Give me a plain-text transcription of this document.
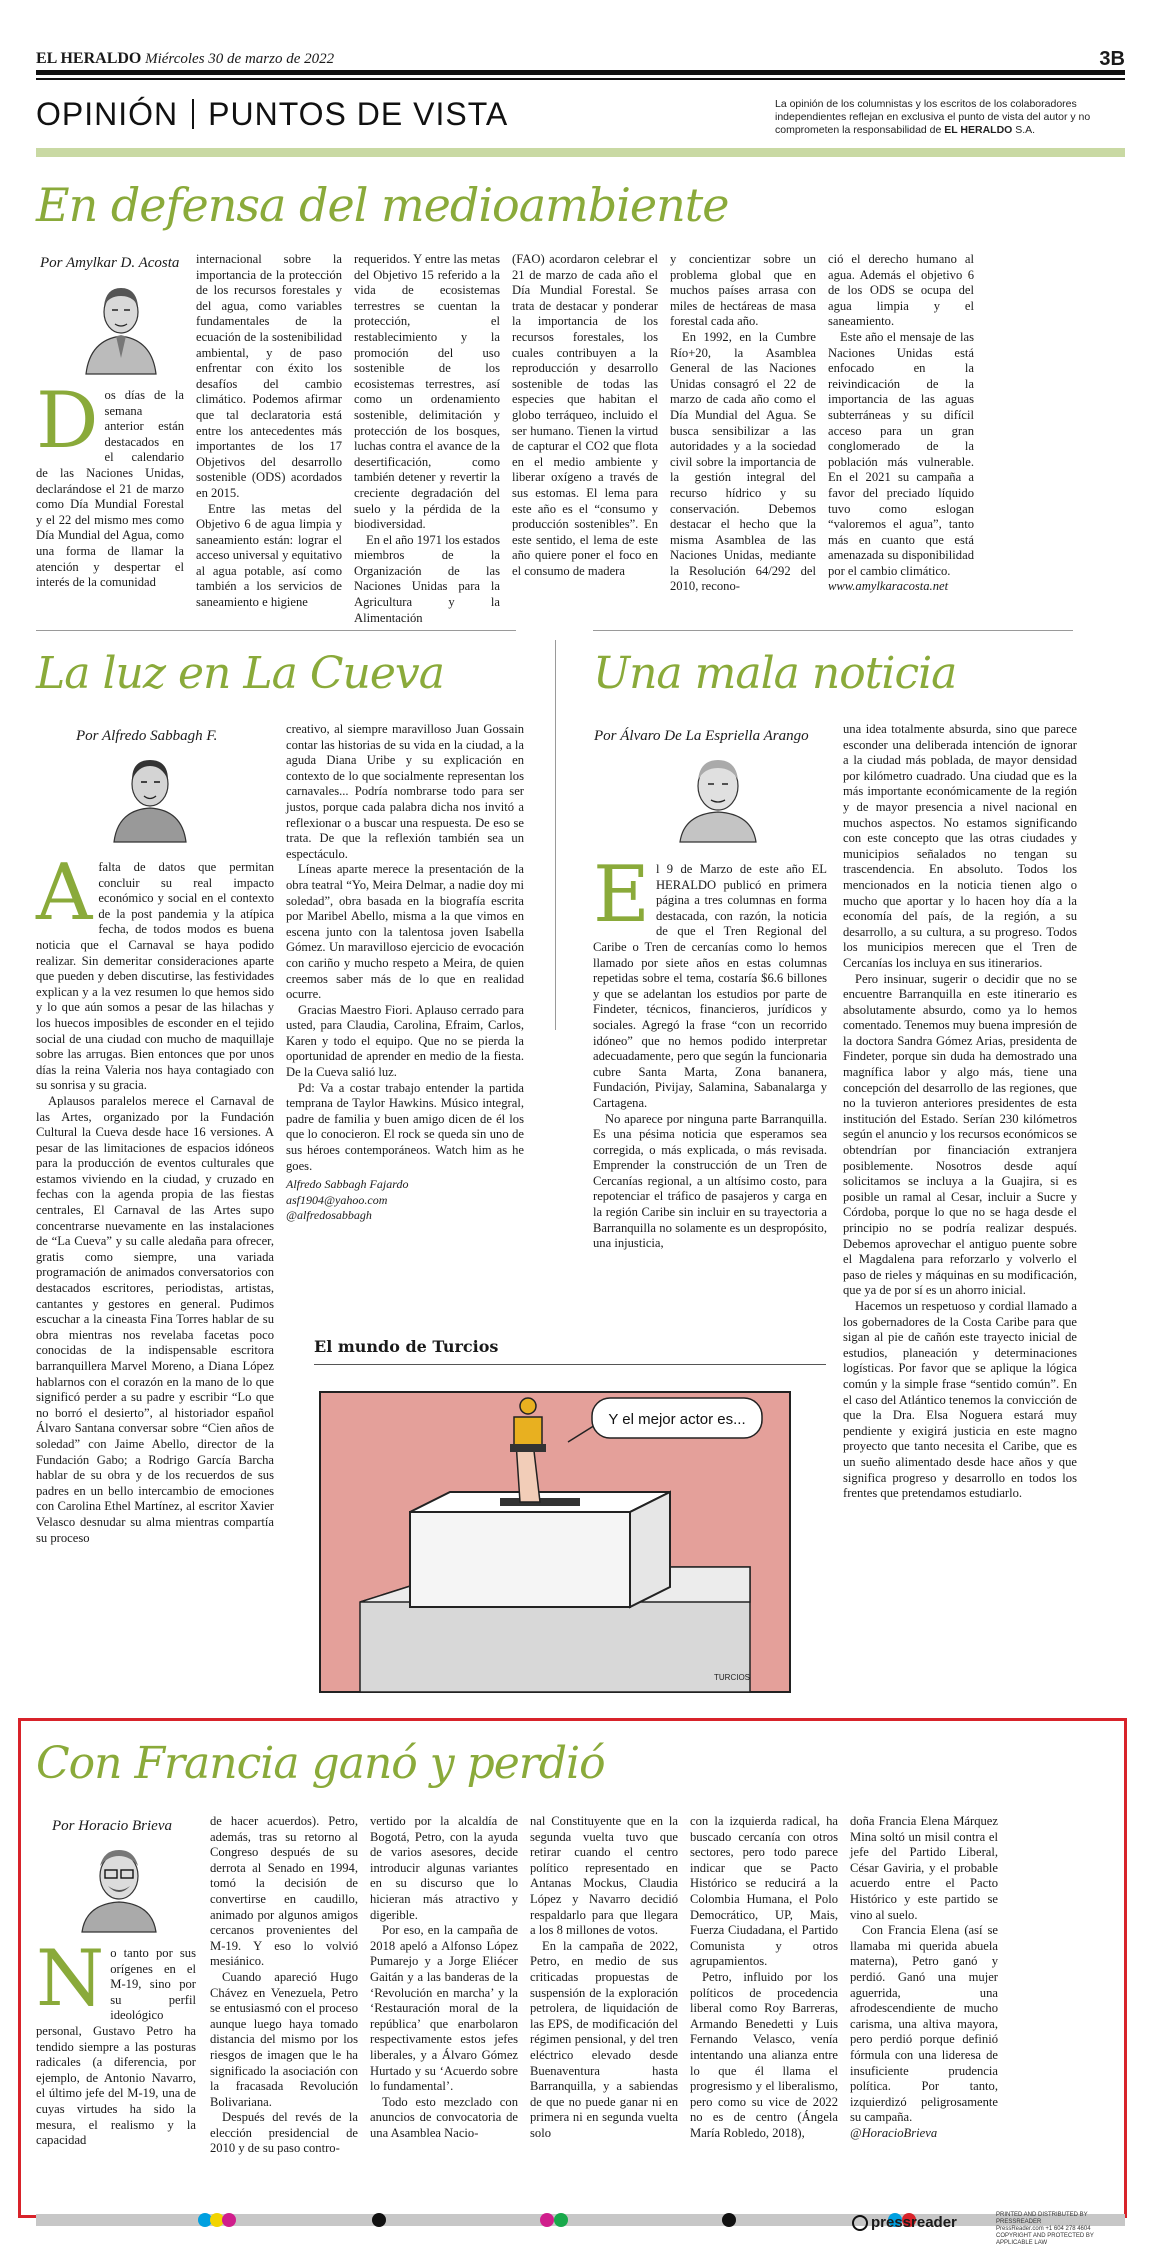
EL HERALDO Miércoles 30 de marzo de 2022	3B
OPINIÓN PUNTOS DE VISTA	La opinión de los columnistas y los escritos de los colaboradores independientes reflejan en exclusiva el punto de vista del autor y no comprometen la responsabilidad de EL HERALDO S.A.
En defensa del medioambiente
Por Amylkar D. Acosta
Dos días de la semana anterior están destacados en el calendario de las Naciones Unidas, declarándose el 21 de marzo como Día Mundial Forestal y el 22 del mismo mes como Día Mundial del Agua, como una forma de llamar la atención y despertar el interés de la comunidad

internacional sobre la importancia de la protección de los recursos forestales y del agua, como variables fundamentales de la ecuación de la sostenibilidad ambiental, y de paso enfrentar con éxito los desafíos del cambio climático. Podemos afirmar que tal declaratoria está entre los antecedentes más importantes de los 17 Objetivos del desarrollo sostenible (ODS) acordados en 2015.

Entre las metas del Objetivo 6 de agua limpia y saneamiento están: lograr el acceso universal y equitativo al agua potable, así como también a los servicios de saneamiento e higiene

requeridos. Y entre las metas del Objetivo 15 referido a la vida de ecosistemas terrestres se cuentan la protección, el restablecimiento y la promoción del uso sostenible de los ecosistemas terrestres, así como un ordenamiento sostenible, delimitación y protección de los bosques, luchas contra el avance de la desertificación, como también detener y revertir la creciente degradación del suelo y la pérdida de la biodiversidad.

En el año 1971 los estados miembros de la Organización de las Naciones Unidas para la Agricultura y la Alimentación

(FAO) acordaron celebrar el 21 de marzo de cada año el Día Mundial Forestal. Se trata de destacar y ponderar la importancia de los recursos forestales, los cuales contribuyen a la reproducción y desarrollo sostenible de todas las especies que habitan el globo terráqueo, incluido el ser humano. Tienen la virtud de capturar el CO2 que flota en el medio ambiente y liberar oxígeno a través de sus estomas. El lema para este año es el “consumo y producción sostenibles”. En este sentido, el lema de este año quiere poner el foco en el consumo de madera

y concientizar sobre un problema global que en muchos países arrasa con miles de hectáreas de masa forestal cada año.

En 1992, en la Cumbre Río+20, la Asamblea General de las Naciones Unidas consagró el 22 de marzo de cada año como el Día Mundial del Agua. Se busca sensibilizar a las autoridades y a la sociedad civil sobre la importancia de la gestión integral del recurso hídrico y su conservación. Debemos destacar el hecho que la misma Asamblea de las Naciones Unidas, mediante la Resolución 64/292 del 2010, recono-

ció el derecho humano al agua. Además el objetivo 6 de los ODS se ocupa del agua limpia y el saneamiento.

Este año el mensaje de las Naciones Unidas está enfocado en la reivindicación de la importancia de las aguas subterráneas y su difícil acceso para un gran conglomerado de la población más vulnerable. En el 2021 su campaña a favor del preciado líquido tuvo como eslogan “valoremos el agua”, tanto más en cuanto que está amenazada su disponibilidad por el cambio climático.

www.amylkaracosta.net

La luz en La Cueva
Por Alfredo Sabbagh F.

Afalta de datos que permitan concluir su real impacto económico y social en el contexto de la post pandemia y la atípica fecha, de todos modos es buena noticia que el Carnaval se haya podido realizar. Sin demeritar consideraciones aparte que pueden y deben discutirse, las festividades explican y a la vez resumen lo que hemos sido y lo que aún somos a pesar de las hilachas y los huecos imposibles de esconder en el tejido social de una ciudad con mucho de maquillaje sobre las arrugas. Bien entonces que por unos días la reina Valeria nos haya contagiado con su sonrisa y su gracia.

Aplausos paralelos merece el Carnaval de las Artes, organizado por la Fundación Cultural la Cueva desde hace 16 versiones. A pesar de las limitaciones de espacios idóneos para la producción de eventos culturales que estamos viviendo en la ciudad, y cruzado en fechas con la agenda propia de las fiestas centrales, El Carnaval de las Artes supo concentrarse nuevamente en las instalaciones de “La Cueva” y su calle aledaña para ofrecer, gratis como siempre, una variada programación de animados conversatorios con destacados escritores, periodistas, artistas, cantantes y gestores en general. Pudimos escuchar a la cineasta Fina Torres hablar de su obra mientras nos revelaba facetas poco conocidas de la indispensable escritora barranquillera Marvel Moreno, a Diana López hablarnos con el corazón en la mano de lo que significó perder a su padre y escribir “Lo que no borró el desierto”, al historiador español Álvaro Santana conversar sobre “Cien años de soledad” con Jaime Abello, director de la Fundación Gabo; a Rodrigo García Barcha hablar de su obra y de los recuerdos de sus padres en un bello intercambio de emociones con Carolina Ethel Martínez, al escritor Xavier Velasco desnudar su alma mientras compartía su proceso

creativo, al siempre maravilloso Juan Gossain contar las historias de su vida en la ciudad, a la aguda Diana Uribe y su explicación en contexto de lo que socialmente representan los carnavales... Podría nombrarse todo para ser justos, porque cada palabra dicha nos invitó a reflexionar o a buscar una respuesta. De eso se trata. De que la reflexión también sea un espectáculo.

Líneas aparte merece la presentación de la obra teatral “Yo, Meira Delmar, a nadie doy mi soledad”, obra basada en la biografía escrita por Maribel Abello, misma a la que vimos en escena junto con la talentosa joven Isabella Gómez. Un maravilloso ejercicio de evocación con cariño y mucho respeto a Meira, de quien creemos saber más de lo que en realidad ocurre.

Gracias Maestro Fiori. Aplauso cerrado para usted, para Claudia, Carolina, Efraim, Carlos, Karen y todo el equipo. Que no se pierda la oportunidad de aprender en medio de la fiesta. De la Cueva salió luz.

Pd: Va a costar trabajo entender la partida temprana de Taylor Hawkins. Músico integral, padre de familia y buen amigo dicen de él los que lo conocieron. El rock se queda sin uno de sus héroes contemporáneos. Watch him as he goes.

Alfredo Sabbagh Fajardo
asf1904@yahoo.com
@alfredosabbagh
Una mala noticia
Por Álvaro De La Espriella Arango

El 9 de Marzo de este año EL HERALDO publicó en primera página a tres columnas en forma destacada, con razón, la noticia de que el Tren Regional del Caribe o Tren de cercanías como lo hemos llamado por siete años en estas columnas repetidas sobre el tema, costaría $6.6 billones y que se adelantan los estudios por parte de Findeter, técnicos, financieros, jurídicos y sociales. Agregó la frase “con un recorrido idóneo” que no hemos podido interpretar adecuadamente, pero que según la funcionaria cubre Santa Marta, Zona bananera, Fundación, Pivijay, Salamina, Sabanalarga y Cartagena.

No aparece por ninguna parte Barranquilla. Es una pésima noticia que esperamos sea corregida, o más explicada, o más revisada. Emprender la construcción de un Tren de Cercanías regional, a un altísimo costo, para repotenciar el tráfico de pasajeros y carga en la región Caribe sin incluir en su trayectoria a Barranquilla no solamente es un despropósito, una injusticia,

una idea totalmente absurda, sino que parece esconder una deliberada intención de ignorar a la ciudad más poblada, de mayor densidad por kilómetro cuadrado. Una ciudad que es la más importante económicamente de la región y de mayor presencia a nivel nacional en muchos aspectos. No estamos significando con este concepto que las otras ciudades y municipios señalados no tengan su trascendencia. En absoluto. Todos los mencionados en la noticia tienen algo o mucho que aportar y lo hacen hoy día a la economía del país, de la región, a su desarrollo, a su cultura, a su progreso. Todos los municipios merecen que el Tren de Cercanías los incluya en sus itinerarios.

Pero insinuar, sugerir o decidir que no se encuentre Barranquilla en este itinerario es absolutamente absurdo, como ya lo hemos comentado. Tenemos muy buena impresión de la doctora Sandra Gómez Arias, presidenta de Findeter, porque sin duda ha demostrado una magnífica labor y algo más, tiene una concepción del desarrollo de las regiones, que no la tuvieron anteriores presidentes de esta institución del Estado. Serían 230 kilómetros según el anuncio y los recursos económicos se obtendrían por financiación extranjera posiblemente. Nosotros desde aquí solicitamos se incluya a la Guajira, si es posible un ramal al Cesar, incluir a Sucre y Córdoba, porque lo que no se haga desde el principio no se podría realizar después. Debemos aprovechar el antiguo puente sobre el Magdalena para reforzarlo y volverlo el paso de rieles y máquinas en su modificación, que ya de por sí es un ahorro inicial.

Hacemos un respetuoso y cordial llamado a los gobernadores de la Costa Caribe para que sigan al pie de cañón este trayecto inicial de estudios, planeación y determinaciones logísticas. Por favor que se aplique la lógica común y la simple frase “sentido común”. En el caso del Atlántico tenemos la convicción de que la Dra. Elsa Noguera estará muy pendiente y exigirá justicia en este magno proyecto que tanto necesita el Caribe, que es un sueño alimentado desde hace años y que significa progreso y desarrollo en todos los frentes que pretendamos estudiarlo.

El mundo de Turcios
Y el mejor actor es...
TURCIOS
Con Francia ganó y perdió
Por Horacio Brieva
No tanto por sus orígenes en el M-19, sino por su perfil ideológico personal, Gustavo Petro ha tendido siempre a las posturas radicales (a diferencia, por ejemplo, de Antonio Navarro, el último jefe del M-19, una de cuyas virtudes ha sido la mesura, el realismo y la capacidad

de hacer acuerdos). Petro, además, tras su retorno al Congreso después de su derrota al Senado en 1994, tomó la decisión de convertirse en caudillo, animado por algunos amigos cercanos provenientes del M-19. Y eso lo volvió mesiánico.

Cuando apareció Hugo Chávez en Venezuela, Petro se entusiasmó con el proceso aunque luego haya tomado distancia del mismo por los riesgos de imagen que le ha significado la asociación con la fracasada Revolución Bolivariana.

Después del revés de la elección presidencial de 2010 y de su paso contro-

vertido por la alcaldía de Bogotá, Petro, con la ayuda de varios asesores, decide introducir algunas variantes en su discurso que lo hicieran más atractivo y digerible.

Por eso, en la campaña de 2018 apeló a Alfonso López Pumarejo y a Jorge Eliécer Gaitán y a las banderas de la ‘Revolución en marcha’ y la ‘Restauración moral de la república’ que enarbolaron respectivamente estos jefes liberales, y a Álvaro Gómez Hurtado y su ‘Acuerdo sobre lo fundamental’.

Todo esto mezclado con anuncios de convocatoria de una Asamblea Nacio-

nal Constituyente que en la segunda vuelta tuvo que retirar cuando el centro político representado en Antanas Mockus, Claudia López y Navarro decidió respaldarlo para que llegara a los 8 millones de votos.

En la campaña de 2022, Petro, en medio de sus criticadas propuestas de suspensión de la exploración petrolera, de liquidación de las EPS, de modificación del régimen pensional, y del tren eléctrico elevado desde Buenaventura hasta Barranquilla, y a sabiendas de que no puede ganar ni en primera ni en segunda vuelta solo

con la izquierda radical, ha buscado cercanía con otros sectores, pero todo parece indicar que se Pacto Histórico se reducirá a la Colombia Humana, el Polo Democrático, UP, Mais, Fuerza Ciudadana, el Partido Comunista y otros agrupamientos.

Petro, influido por los políticos de procedencia liberal como Roy Barreras, Armando Benedetti y Luis Fernando Velasco, venía intentando una alianza entre lo que él llama el progresismo y el liberalismo, pero como su vice de 2022 no es de centro (Ángela María Robledo, 2018),

doña Francia Elena Márquez Mina soltó un misil contra el jefe del Partido Liberal, César Gaviria, y el probable acuerdo entre el Pacto Histórico y este partido se vino al suelo.

Con Francia Elena (así se llamaba mi querida abuela materna), Petro ganó y perdió. Ganó una mujer aguerrida, una afrodescendiente de mucho carisma, una altiva mayora, pero perdió porque definió fórmula con una lideresa de insuficiente prudencia política. Por tanto, izquierdizó peligrosamente su campaña.

@HoracioBrieva

pressreader	PRINTED AND DISTRIBUTED BY PRESSREADER
PressReader.com +1 604 278 4604
COPYRIGHT AND PROTECTED BY APPLICABLE LAW
